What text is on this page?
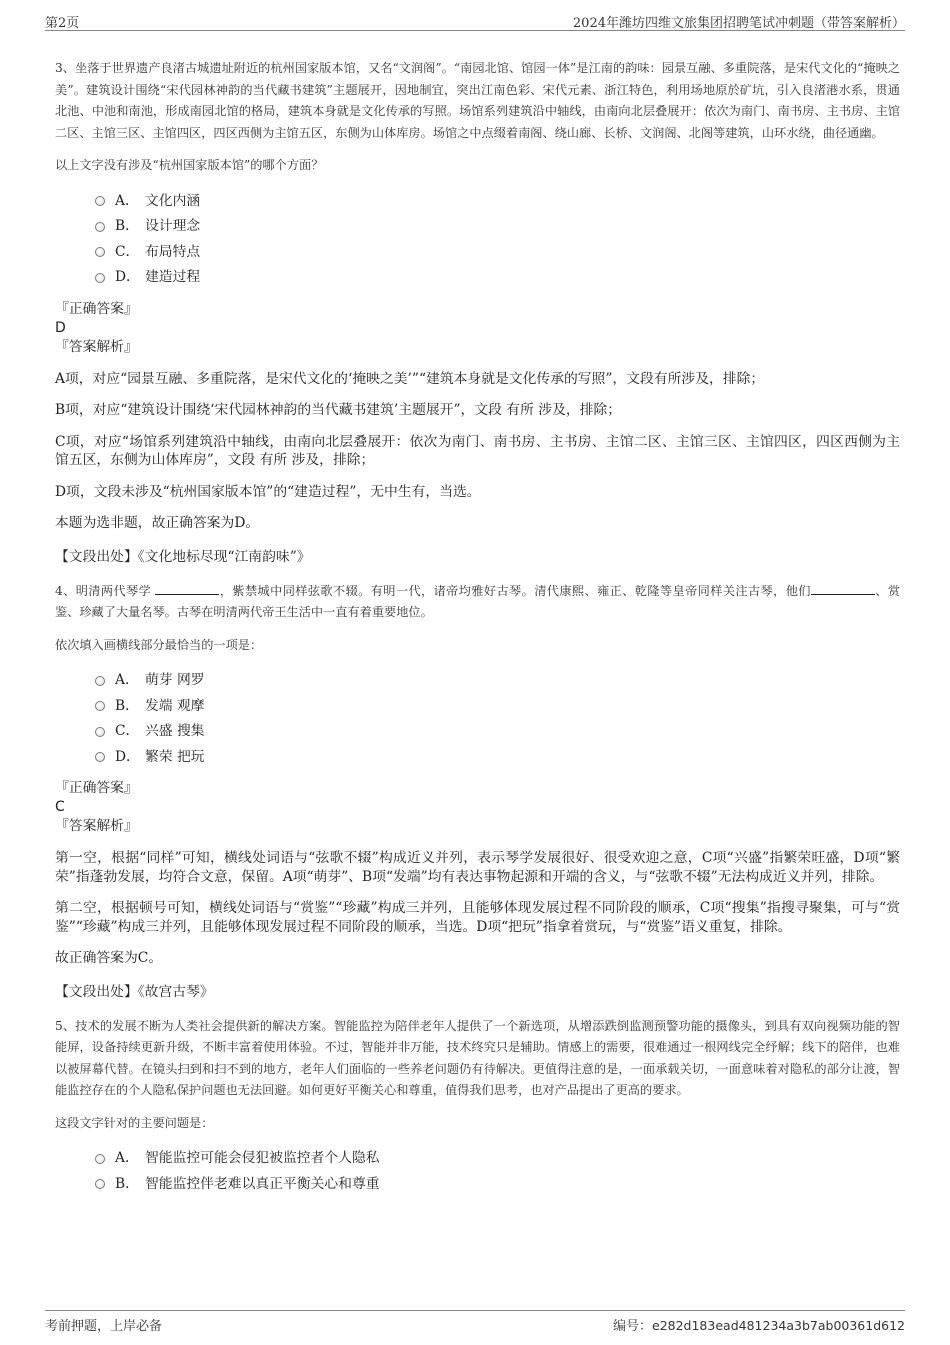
第2页	2024年潍坊四维文旅集团招聘笔试冲刺题（带答案解析）

3、坐落于世界遗产良渚古城遗址附近的杭州国家版本馆，又名“文润阁”。“南园北馆、馆园一体”是江南的韵味：园景互融、多重院落，是宋代文化的“掩映之美”。建筑设计围绕“宋代园林神韵的当代藏书建筑”主题展开，因地制宜，突出江南色彩、宋代元素、浙江特色，利用场地原於矿坑，引入良渚港水系，贯通北池、中池和南池，形成南园北馆的格局，建筑本身就是文化传承的写照。场馆系列建筑沿中轴线，由南向北层叠展开：依次为南门、南书房、主书房、主馆二区、主馆三区、主馆四区，四区西侧为主馆五区，东侧为山体库房。场馆之中点缀着南阁、绕山廊、长桥、文润阁、北阁等建筑，山环水绕，曲径通幽。

以上文字没有涉及“杭州国家版本馆”的哪个方面？

A． 文化内涵
B． 设计理念
C． 布局特点
D． 建造过程
『正确答案』
D
『答案解析』

A项，对应“园景互融、多重院落，是宋代文化的‘掩映之美’”“建筑本身就是文化传承的写照”，文段有所涉及，排除；

B项，对应“建筑设计围绕‘宋代园林神韵的当代藏书建筑’主题展开”，文段 有所 涉及，排除；

C项，对应“场馆系列建筑沿中轴线，由南向北层叠展开：依次为南门、南书房、主书房、主馆二区、主馆三区、主馆四区，四区西侧为主馆五区，东侧为山体库房”，文段 有所 涉及，排除；

D项，文段未涉及“杭州国家版本馆”的“建造过程”，无中生有，当选。

本题为选非题，故正确答案为D。

【文段出处】《文化地标尽现“江南韵味”》

4、明清两代琴学	，紫禁城中同样弦歌不辍。有明一代，诸帝均雅好古琴。清代康熙、雍正、乾隆等皇帝同样关注古琴，他们	、赏鉴、珍藏了大量名琴。古琴在明清两代帝王生活中一直有着重要地位。

依次填入画横线部分最恰当的一项是：

A． 萌芽 网罗
B． 发端 观摩
C． 兴盛 搜集
D． 繁荣 把玩
『正确答案』
C
『答案解析』

第一空，根据“同样”可知，横线处词语与“弦歌不辍”构成近义并列，表示琴学发展很好、很受欢迎之意，C项“兴盛”指繁荣旺盛，D项“繁荣”指蓬勃发展，均符合文意，保留。A项“萌芽”、B项“发端”均有表达事物起源和开端的含义，与“弦歌不辍”无法构成近义并列，排除。

第二空，根据顿号可知，横线处词语与“赏鉴”“珍藏”构成三并列，且能够体现发展过程不同阶段的顺承，C项“搜集”指搜寻聚集，可与“赏鉴”“珍藏”构成三并列，且能够体现发展过程不同阶段的顺承，当选。D项“把玩”指拿着赏玩，与“赏鉴”语义重复，排除。

故正确答案为C。

【文段出处】《故宫古琴》

5、技术的发展不断为人类社会提供新的解决方案。智能监控为陪伴老年人提供了一个新选项，从增添跌倒监测预警功能的摄像头，到具有双向视频功能的智能屏，设备持续更新升级，不断丰富着使用体验。不过，智能并非万能，技术终究只是辅助。情感上的需要，很难通过一根网线完全纾解；线下的陪伴，也难以被屏幕代替。在镜头扫到和扫不到的地方，老年人们面临的一些养老问题仍有待解决。更值得注意的是，一面承载关切，一面意味着对隐私的部分让渡，智能监控存在的个人隐私保护问题也无法回避。如何更好平衡关心和尊重，值得我们思考，也对产品提出了更高的要求。

这段文字针对的主要问题是：

A． 智能监控可能会侵犯被监控者个人隐私
B． 智能监控伴老难以真正平衡关心和尊重
考前押题，上岸必备	编号：e282d183ead481234a3b7ab00361d612
